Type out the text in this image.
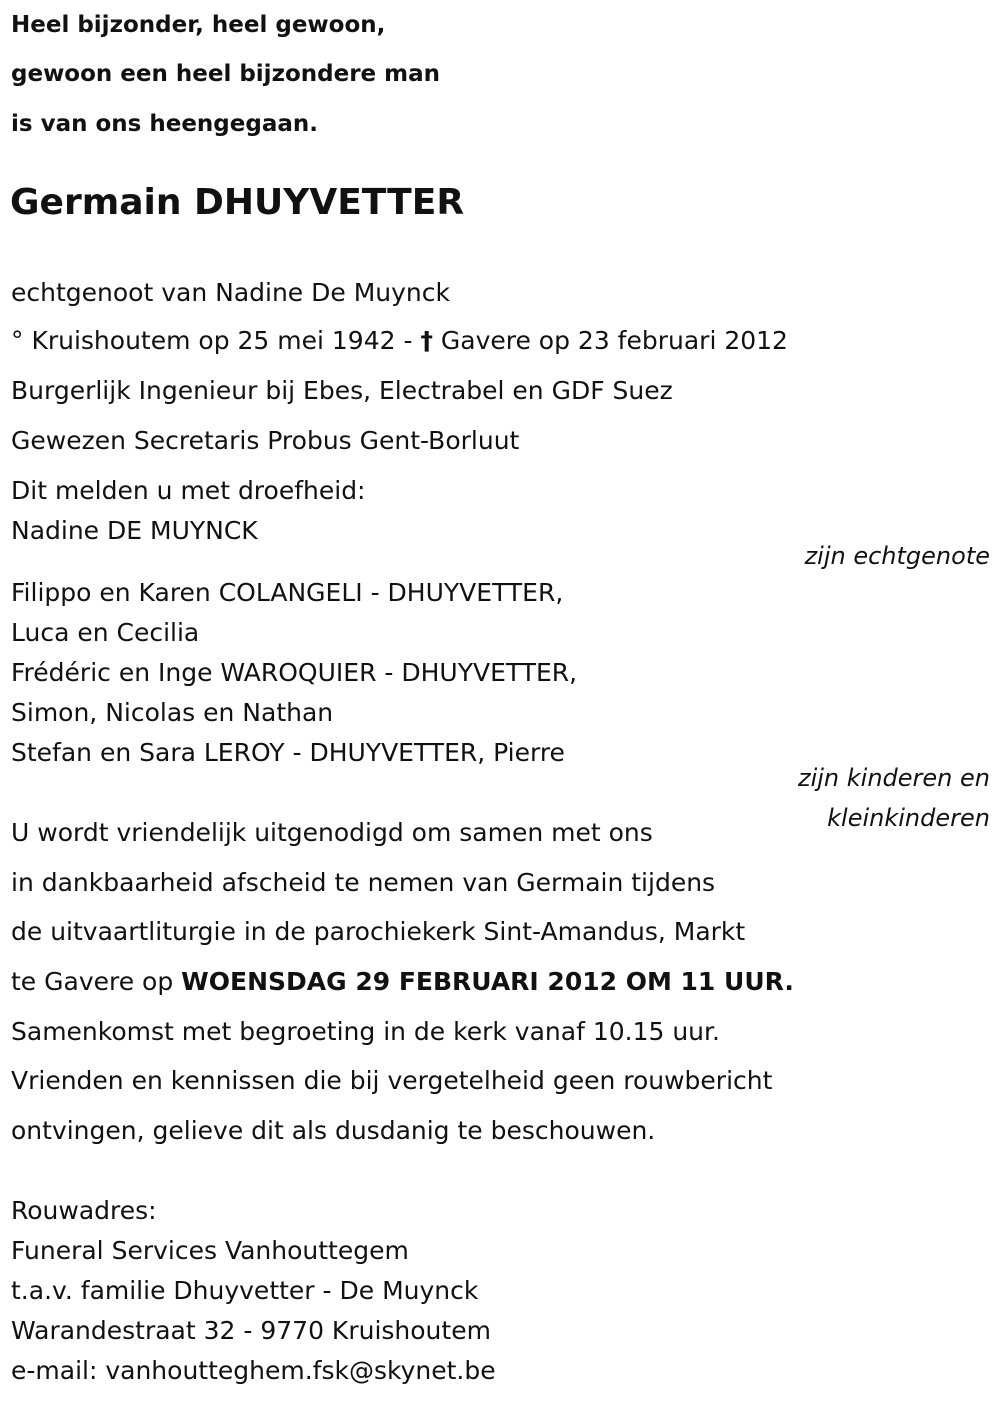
Heel bijzonder, heel gewoon,
gewoon een heel bijzondere man
is van ons heengegaan.
Germain DHUYVETTER
echtgenoot van Nadine De Muynck
° Kruishoutem op 25 mei 1942 - † Gavere op 23 februari 2012
Burgerlijk Ingenieur bij Ebes, Electrabel en GDF Suez
Gewezen Secretaris Probus Gent-Borluut
Dit melden u met droefheid:
Nadine DE MUYNCK
zijn echtgenote
Filippo en Karen COLANGELI - DHUYVETTER,
Luca en Cecilia
Frédéric en Inge WAROQUIER - DHUYVETTER,
Simon, Nicolas en Nathan
Stefan en Sara LEROY - DHUYVETTER, Pierre
zijn kinderen en
kleinkinderen
U wordt vriendelijk uitgenodigd om samen met ons
in dankbaarheid afscheid te nemen van Germain tijdens
de uitvaartliturgie in de parochiekerk Sint-Amandus, Markt
te Gavere op WOENSDAG 29 FEBRUARI 2012 OM 11 UUR.
Samenkomst met begroeting in de kerk vanaf 10.15 uur.
Vrienden en kennissen die bij vergetelheid geen rouwbericht
ontvingen, gelieve dit als dusdanig te beschouwen.
Rouwadres:
Funeral Services Vanhouttegem
t.a.v. familie Dhuyvetter - De Muynck
Warandestraat 32 - 9770 Kruishoutem
e-mail: vanhoutteghem.fsk@skynet.be
